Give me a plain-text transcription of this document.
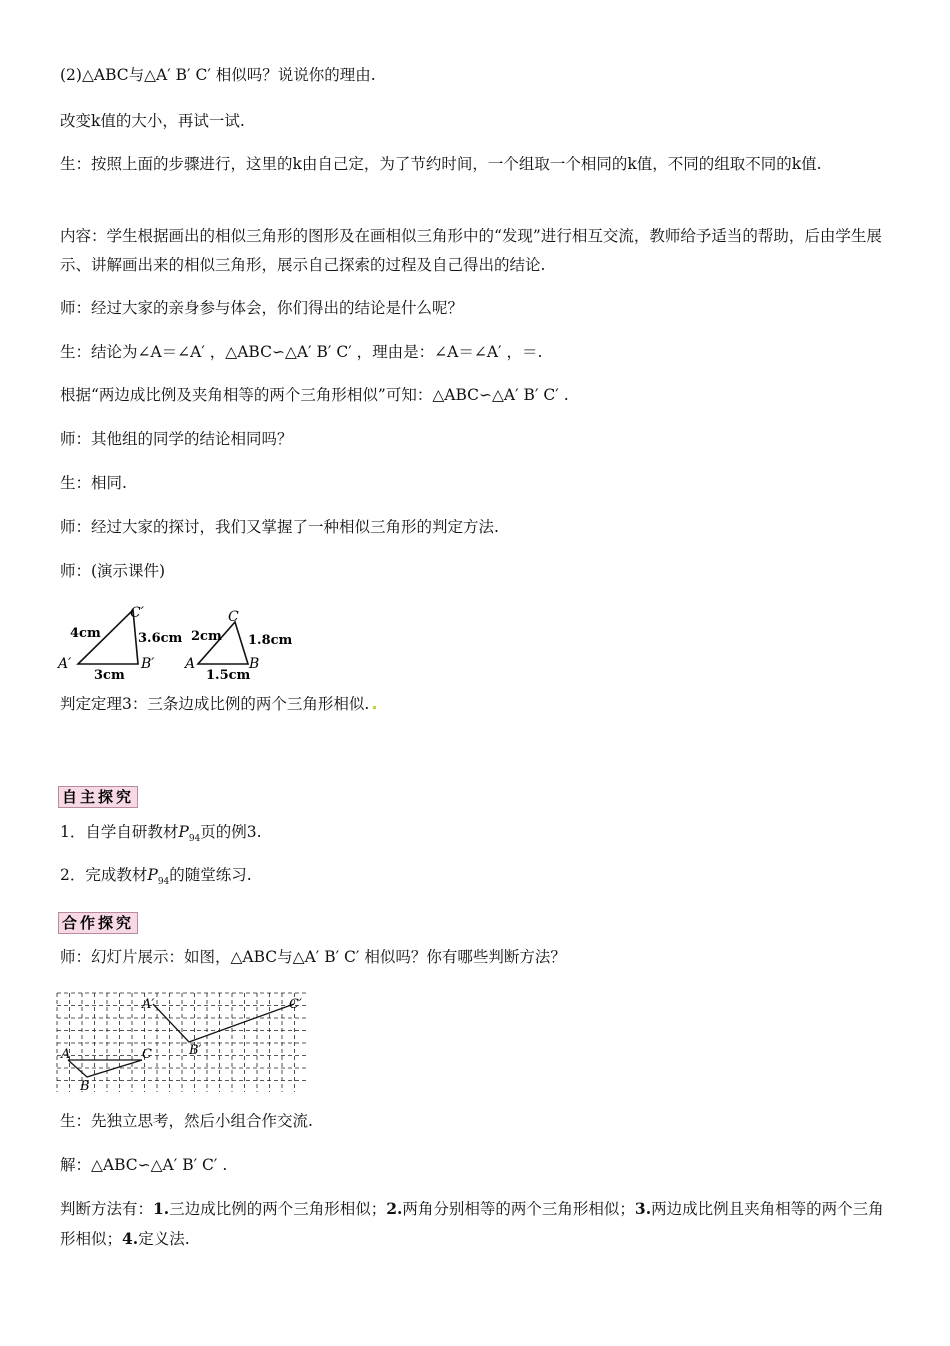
(2)△ABC与△A′ B′ C′ 相似吗？说说你的理由.
改变k值的大小，再试一试.
生：按照上面的步骤进行，这里的k由自己定，为了节约时间，一个组取一个相同的k值，不同的组取不同的k值.
内容：学生根据画出的相似三角形的图形及在画相似三角形中的“发现”进行相互交流，教师给予适当的帮助，后由学生展示、讲解画出来的相似三角形，展示自己探索的过程及自己得出的结论.
师：经过大家的亲身参与体会，你们得出的结论是什么呢？
生：结论为∠A＝∠A′ ，△ABC∽△A′ B′ C′ ，理由是：∠A＝∠A′ ，＝.
根据“两边成比例及夹角相等的两个三角形相似”可知：△ABC∽△A′ B′ C′ .
师：其他组的同学的结论相同吗？
生：相同.
师：经过大家的探讨，我们又掌握了一种相似三角形的判定方法.
师：(演示课件)
A′	B′
C′
4cm	3.6cm
3cm
A	B
C
2cm 1.8cm
1.5cm
判定定理3：三条边成比例的两个三角形相似.
自主探究
1．自学自研教材$P_{94}$页的例3.
2．完成教材$P_{94}$的随堂练习.
合作探究
师：幻灯片展示：如图，△ABC与△A′ B′ C′ 相似吗？你有哪些判断方法？
A′
B′
C′
A
B
C
生：先独立思考，然后小组合作交流.
解：△ABC∽△A′ B′ C′ .
判断方法有：1.三边成比例的两个三角形相似；2.两角分别相等的两个三角形相似；3.两边成比例且夹角相等的两个三角形相似；4.定义法.
